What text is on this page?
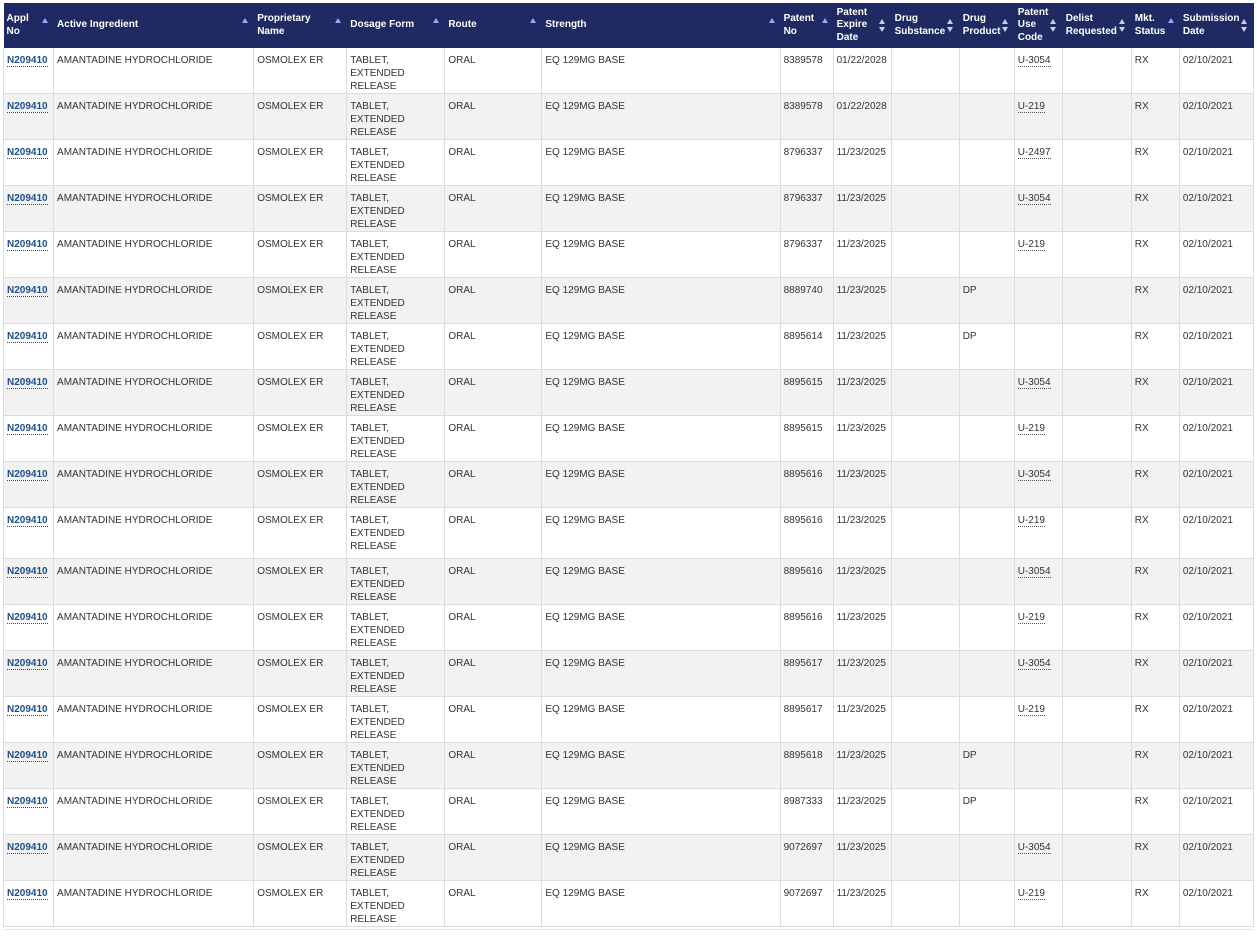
Appl No	Active Ingredient	Proprietary Name	Dosage Form	Route	Strength	Patent No	Patent Expire Date	Drug Substance	Drug Product	Patent Use Code	Delist Requested	Mkt. Status	Submission Date

N209410	AMANTADINE HYDROCHLORIDE	OSMOLEX ER	TABLET, EXTENDED RELEASE	ORAL	EQ 129MG BASE	8389578	01/22/2028			U-3054		RX	02/10/2021
N209410	AMANTADINE HYDROCHLORIDE	OSMOLEX ER	TABLET, EXTENDED RELEASE	ORAL	EQ 129MG BASE	8389578	01/22/2028			U-219		RX	02/10/2021
N209410	AMANTADINE HYDROCHLORIDE	OSMOLEX ER	TABLET, EXTENDED RELEASE	ORAL	EQ 129MG BASE	8796337	11/23/2025			U-2497		RX	02/10/2021
N209410	AMANTADINE HYDROCHLORIDE	OSMOLEX ER	TABLET, EXTENDED RELEASE	ORAL	EQ 129MG BASE	8796337	11/23/2025			U-3054		RX	02/10/2021
N209410	AMANTADINE HYDROCHLORIDE	OSMOLEX ER	TABLET, EXTENDED RELEASE	ORAL	EQ 129MG BASE	8796337	11/23/2025			U-219		RX	02/10/2021
N209410	AMANTADINE HYDROCHLORIDE	OSMOLEX ER	TABLET, EXTENDED RELEASE	ORAL	EQ 129MG BASE	8889740	11/23/2025		DP			RX	02/10/2021
N209410	AMANTADINE HYDROCHLORIDE	OSMOLEX ER	TABLET, EXTENDED RELEASE	ORAL	EQ 129MG BASE	8895614	11/23/2025		DP			RX	02/10/2021
N209410	AMANTADINE HYDROCHLORIDE	OSMOLEX ER	TABLET, EXTENDED RELEASE	ORAL	EQ 129MG BASE	8895615	11/23/2025			U-3054		RX	02/10/2021
N209410	AMANTADINE HYDROCHLORIDE	OSMOLEX ER	TABLET, EXTENDED RELEASE	ORAL	EQ 129MG BASE	8895615	11/23/2025			U-219		RX	02/10/2021
N209410	AMANTADINE HYDROCHLORIDE	OSMOLEX ER	TABLET, EXTENDED RELEASE	ORAL	EQ 129MG BASE	8895616	11/23/2025			U-3054		RX	02/10/2021
N209410	AMANTADINE HYDROCHLORIDE	OSMOLEX ER	TABLET, EXTENDED RELEASE	ORAL	EQ 129MG BASE	8895616	11/23/2025			U-219		RX	02/10/2021
N209410	AMANTADINE HYDROCHLORIDE	OSMOLEX ER	TABLET, EXTENDED RELEASE	ORAL	EQ 129MG BASE	8895616	11/23/2025			U-3054		RX	02/10/2021
N209410	AMANTADINE HYDROCHLORIDE	OSMOLEX ER	TABLET, EXTENDED RELEASE	ORAL	EQ 129MG BASE	8895616	11/23/2025			U-219		RX	02/10/2021
N209410	AMANTADINE HYDROCHLORIDE	OSMOLEX ER	TABLET, EXTENDED RELEASE	ORAL	EQ 129MG BASE	8895617	11/23/2025			U-3054		RX	02/10/2021
N209410	AMANTADINE HYDROCHLORIDE	OSMOLEX ER	TABLET, EXTENDED RELEASE	ORAL	EQ 129MG BASE	8895617	11/23/2025			U-219		RX	02/10/2021
N209410	AMANTADINE HYDROCHLORIDE	OSMOLEX ER	TABLET, EXTENDED RELEASE	ORAL	EQ 129MG BASE	8895618	11/23/2025		DP			RX	02/10/2021
N209410	AMANTADINE HYDROCHLORIDE	OSMOLEX ER	TABLET, EXTENDED RELEASE	ORAL	EQ 129MG BASE	8987333	11/23/2025		DP			RX	02/10/2021
N209410	AMANTADINE HYDROCHLORIDE	OSMOLEX ER	TABLET, EXTENDED RELEASE	ORAL	EQ 129MG BASE	9072697	11/23/2025			U-3054		RX	02/10/2021
N209410	AMANTADINE HYDROCHLORIDE	OSMOLEX ER	TABLET, EXTENDED RELEASE	ORAL	EQ 129MG BASE	9072697	11/23/2025			U-219		RX	02/10/2021
